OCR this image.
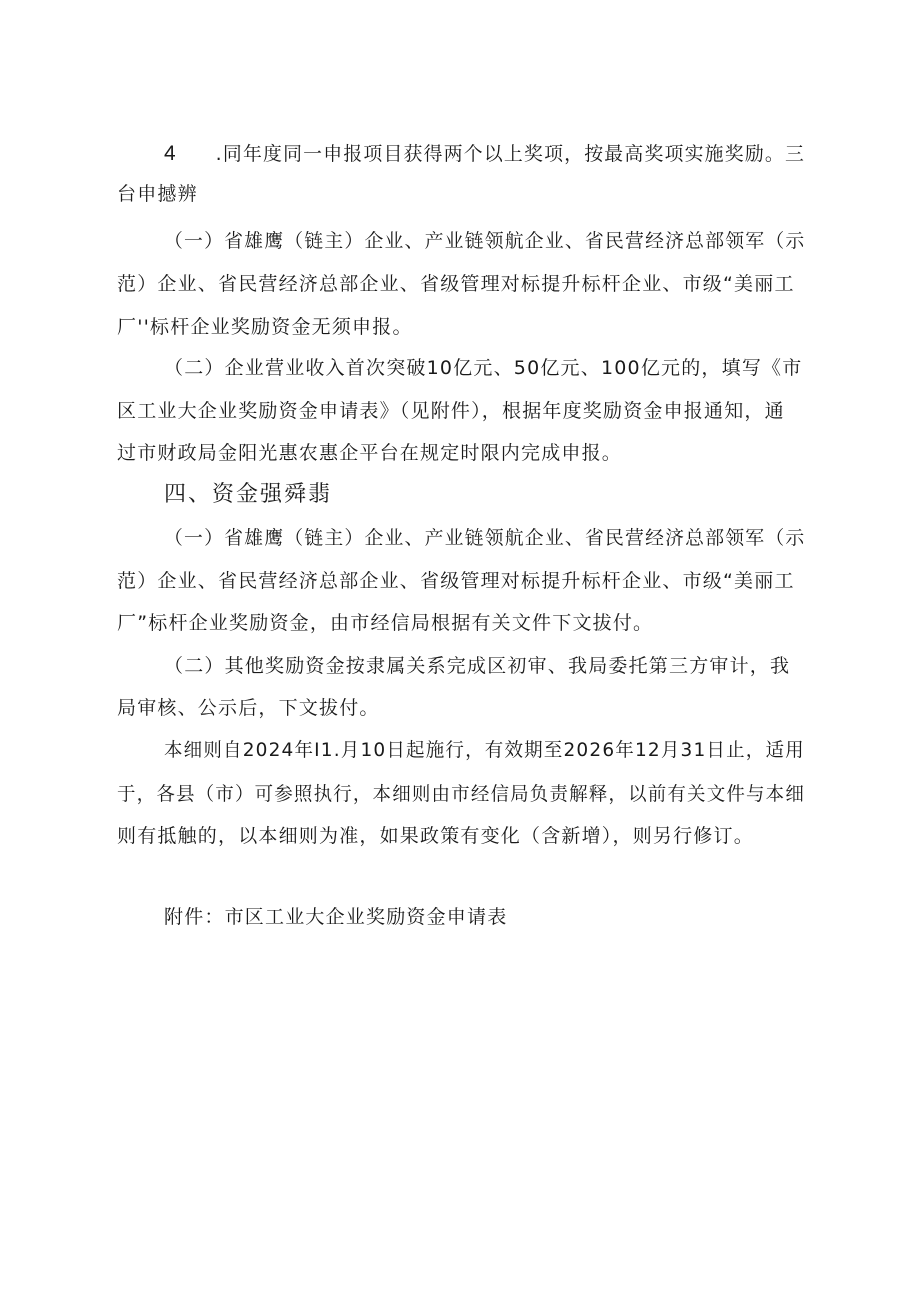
4 .同年度同一申报项目获得两个以上奖项，按最高奖项实施奖励。三
台申撼辨
（一）省雄鹰（链主）企业、产业链领航企业、省民营经济总部领军（示
范）企业、省民营经济总部企业、省级管理对标提升标杆企业、市级“美丽工
厂''标杆企业奖励资金无须申报。
（二）企业营业收入首次突破10亿元、50亿元、100亿元的，填写《市
区工业大企业奖励资金申请表》（见附件），根据年度奖励资金申报通知，通
过市财政局金阳光惠农惠企平台在规定时限内完成申报。
四、资金强舜翡
（一）省雄鹰（链主）企业、产业链领航企业、省民营经济总部领军（示
范）企业、省民营经济总部企业、省级管理对标提升标杆企业、市级“美丽工
厂”标杆企业奖励资金，由市经信局根据有关文件下文拔付。
（二）其他奖励资金按隶属关系完成区初审、我局委托第三方审计，我
局审核、公示后，下文拔付。
本细则自2024年I1.月10日起施行，有效期至2026年12月31日止，适用
于，各县（市）可参照执行，本细则由市经信局负责解释，以前有关文件与本细
则有抵触的，以本细则为准，如果政策有变化（含新增），则另行修订。
附件：市区工业大企业奖励资金申请表
